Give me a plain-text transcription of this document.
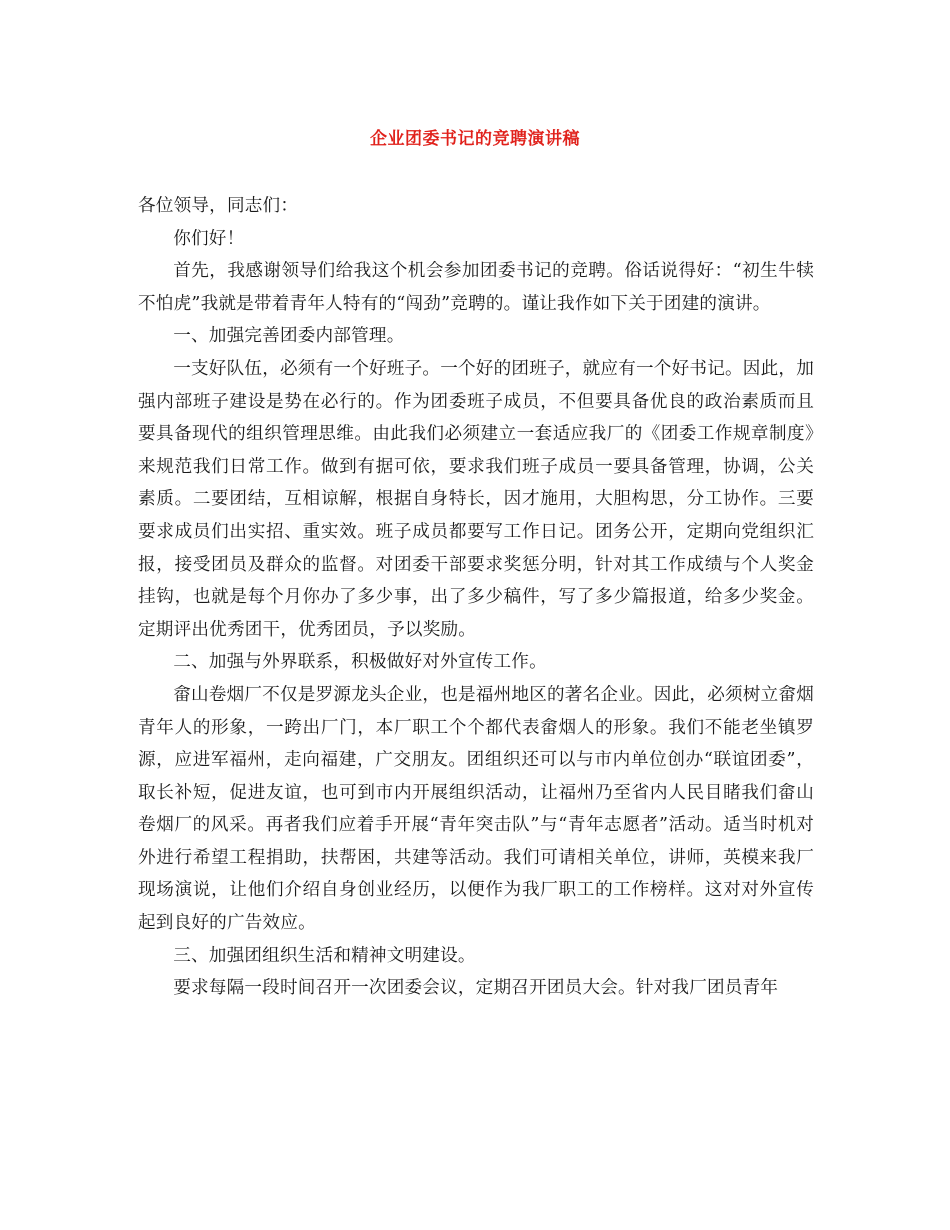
企业团委书记的竞聘演讲稿

各位领导，同志们：

你们好！

首先，我感谢领导们给我这个机会参加团委书记的竞聘。俗话说得好：“初生牛犊不怕虎”我就是带着青年人特有的“闯劲”竞聘的。谨让我作如下关于团建的演讲。

一、加强完善团委内部管理。

一支好队伍，必须有一个好班子。一个好的团班子，就应有一个好书记。因此，加强内部班子建设是势在必行的。作为团委班子成员，不但要具备优良的政治素质而且要具备现代的组织管理思维。由此我们必须建立一套适应我厂的《团委工作规章制度》来规范我们日常工作。做到有据可依，要求我们班子成员一要具备管理，协调，公关素质。二要团结，互相谅解，根据自身特长，因才施用，大胆构思，分工协作。三要要求成员们出实招、重实效。班子成员都要写工作日记。团务公开，定期向党组织汇报，接受团员及群众的监督。对团委干部要求奖惩分明，针对其工作成绩与个人奖金挂钩，也就是每个月你办了多少事，出了多少稿件，写了多少篇报道，给多少奖金。定期评出优秀团干，优秀团员，予以奖励。

二、加强与外界联系，积极做好对外宣传工作。

畲山卷烟厂不仅是罗源龙头企业，也是福州地区的著名企业。因此，必须树立畲烟青年人的形象，一跨出厂门，本厂职工个个都代表畲烟人的形象。我们不能老坐镇罗源，应进军福州，走向福建，广交朋友。团组织还可以与市内单位创办“联谊团委”，取长补短，促进友谊，也可到市内开展组织活动，让福州乃至省内人民目睹我们畲山卷烟厂的风采。再者我们应着手开展“青年突击队”与“青年志愿者”活动。适当时机对外进行希望工程捐助，扶帮困，共建等活动。我们可请相关单位，讲师，英模来我厂现场演说，让他们介绍自身创业经历，以便作为我厂职工的工作榜样。这对对外宣传起到良好的广告效应。

三、加强团组织生活和精神文明建设。

要求每隔一段时间召开一次团委会议，定期召开团员大会。针对我厂团员青年
